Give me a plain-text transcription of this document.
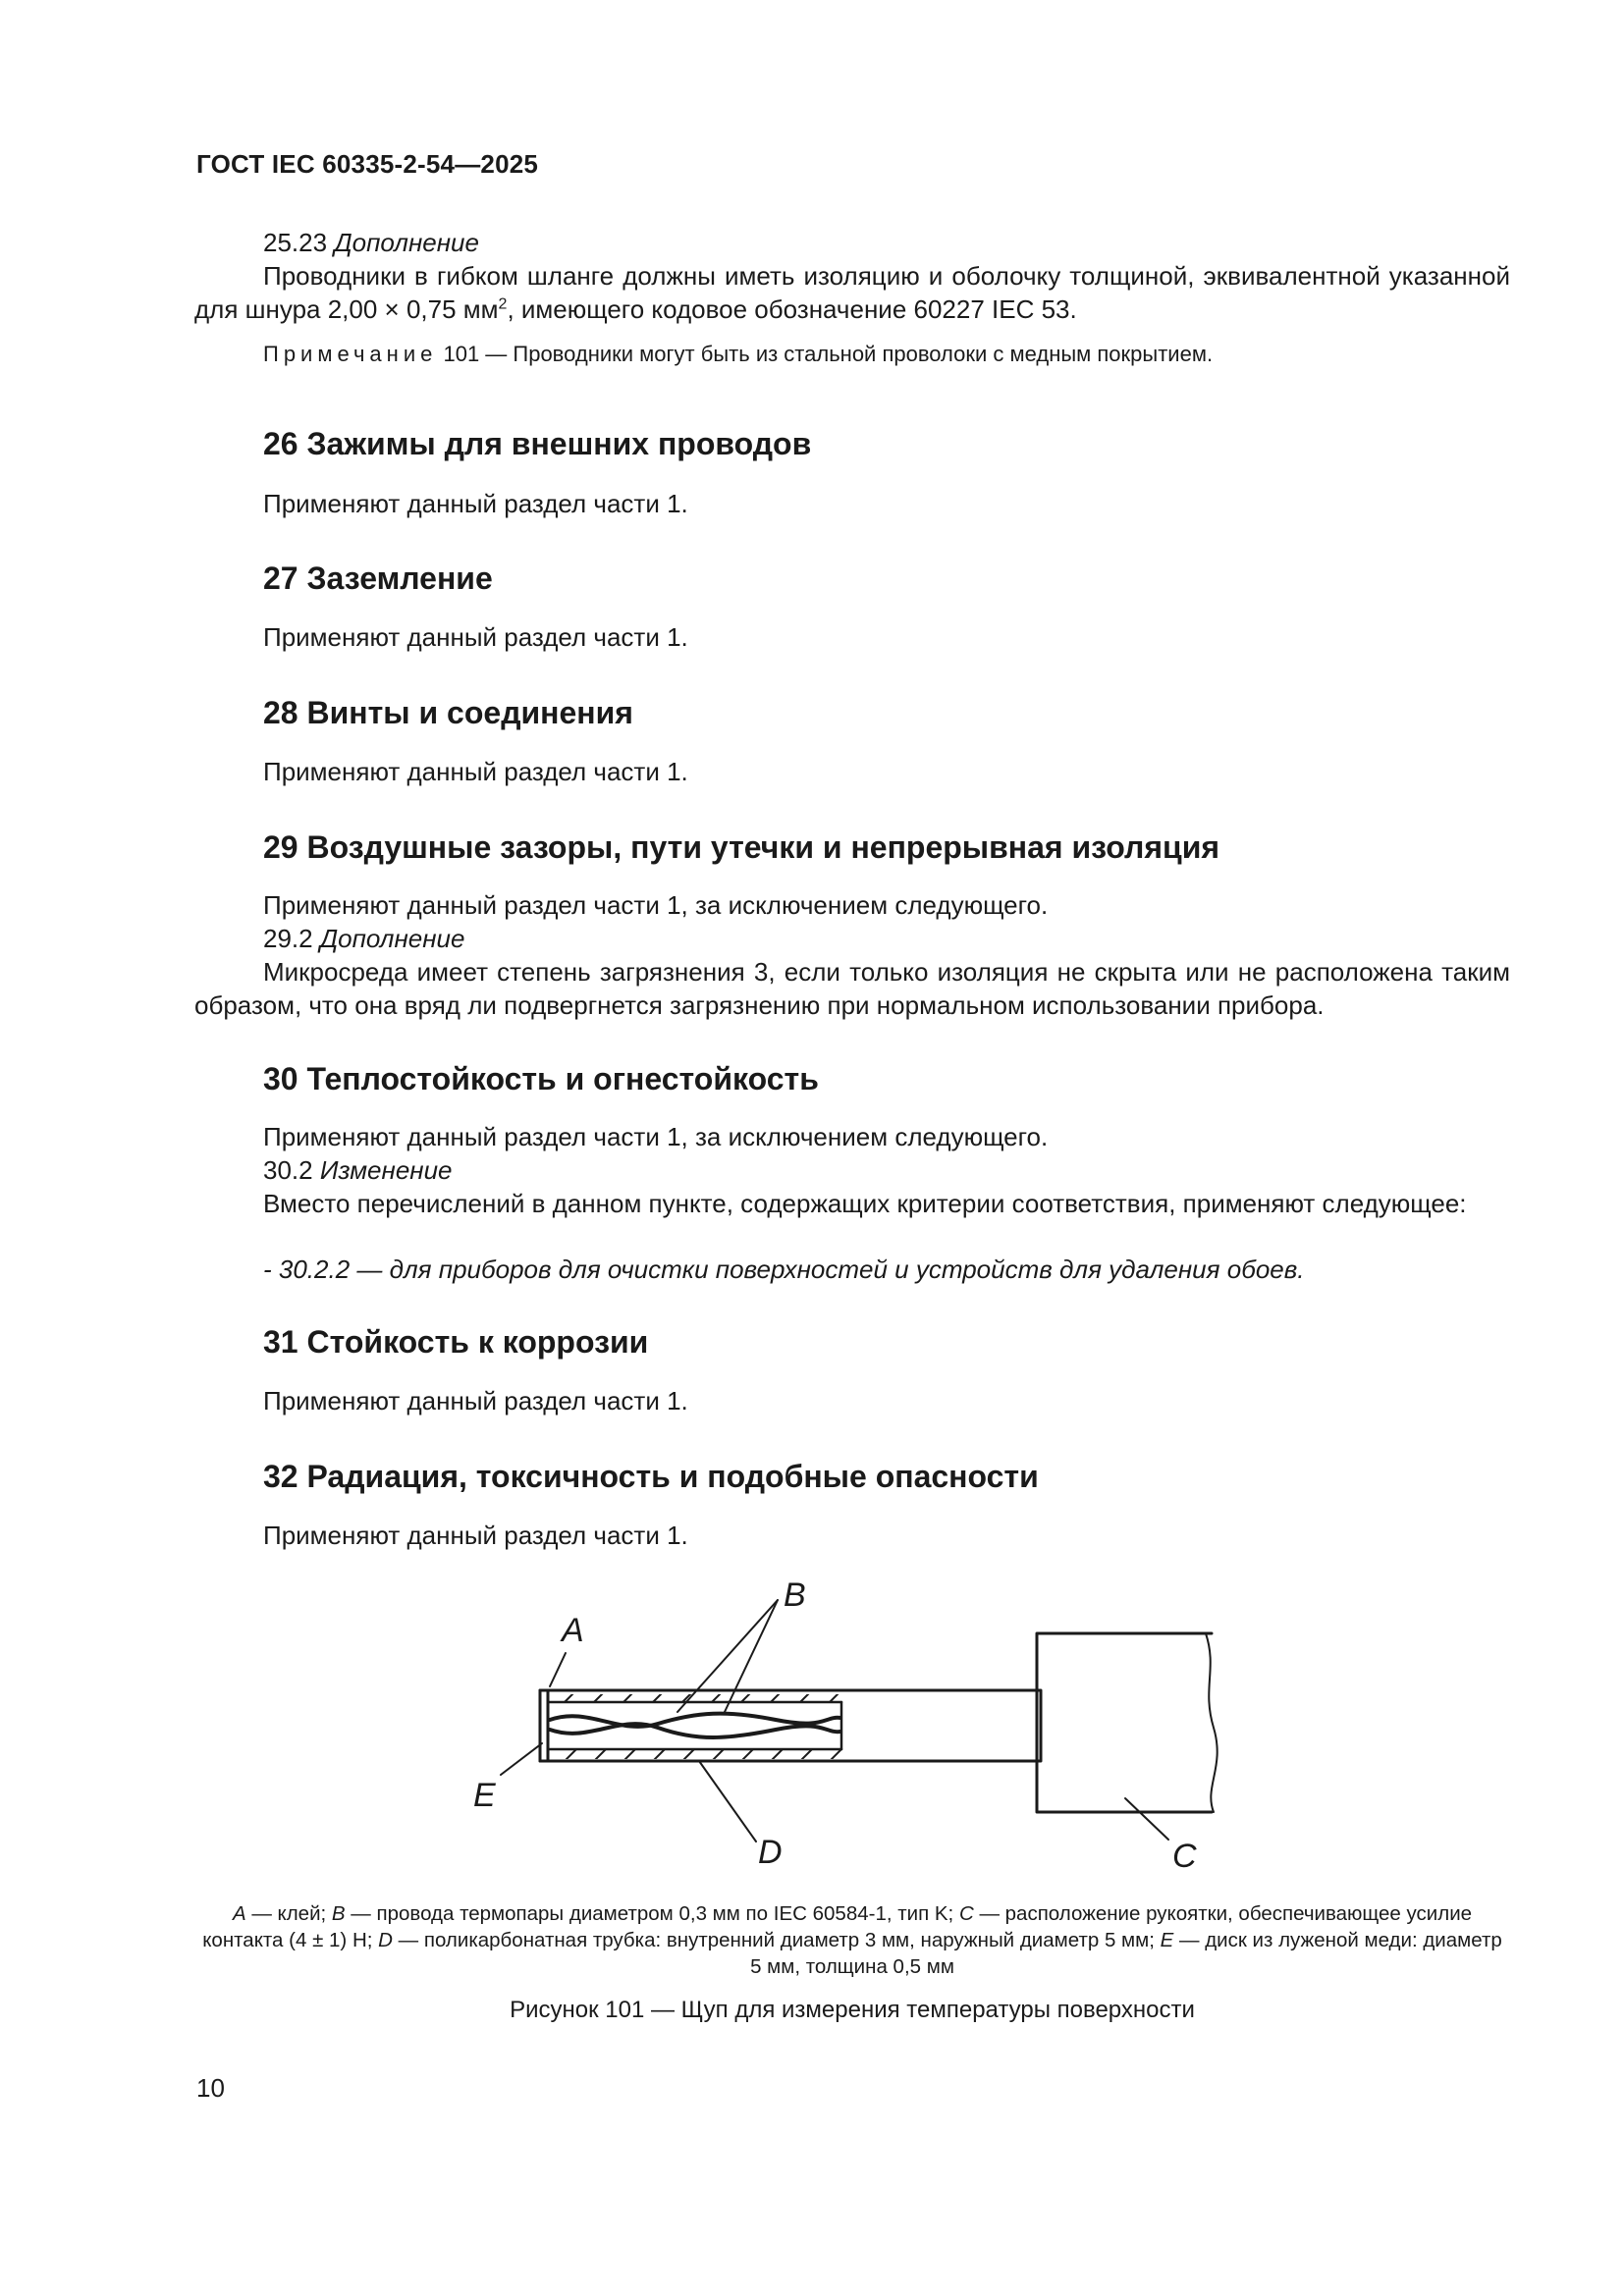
ГОСТ IEC 60335-2-54—2025
25.23 Дополнение
Проводники в гибком шланге должны иметь изоляцию и оболочку толщиной, эквивалентной указанной для шнура 2,00 × 0,75 $мм^2$, имеющего кодовое обозначение 60227 IEC 53.
Примечание 101 — Проводники могут быть из стальной проволоки с медным покрытием.
26 Зажимы для внешних проводов
Применяют данный раздел части 1.
27 Заземление
Применяют данный раздел части 1.
28 Винты и соединения
Применяют данный раздел части 1.
29 Воздушные зазоры, пути утечки и непрерывная изоляция
Применяют данный раздел части 1, за исключением следующего.
29.2 Дополнение
Микросреда имеет степень загрязнения 3, если только изоляция не скрыта или не расположена таким образом, что она вряд ли подвергнется загрязнению при нормальном использовании прибора.
30 Теплостойкость и огнестойкость
Применяют данный раздел части 1, за исключением следующего.
30.2 Изменение
Вместо перечислений в данном пункте, содержащих критерии соответствия, применяют следующее:
- 30.2.2 — для приборов для очистки поверхностей и устройств для удаления обоев.
31 Стойкость к коррозии
Применяют данный раздел части 1.
32 Радиация, токсичность и подобные опасности
Применяют данный раздел части 1.
A
B
C
D
E
A — клей; B — провода термопары диаметром 0,3 мм по IEC 60584-1, тип K; C — расположение рукоятки, обеспечивающее усилие контакта (4 ± 1) Н; D — поликарбонатная трубка: внутренний диаметр 3 мм, наружный диаметр 5 мм; E — диск из луженой меди: диаметр 5 мм, толщина 0,5 мм
Рисунок 101 — Щуп для измерения температуры поверхности
10
